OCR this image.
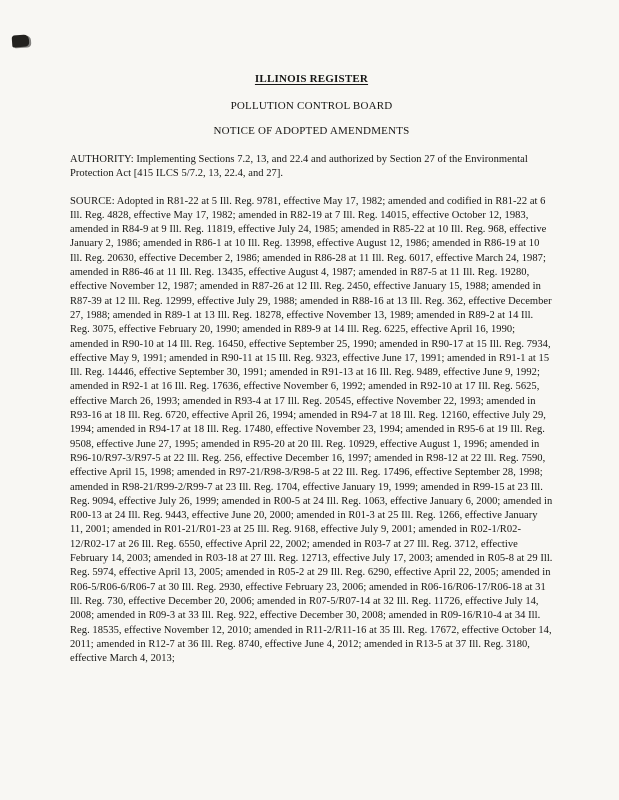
ILLINOIS REGISTER
POLLUTION CONTROL BOARD
NOTICE OF ADOPTED AMENDMENTS

AUTHORITY: Implementing Sections 7.2, 13, and 22.4 and authorized by Section 27 of the Environmental Protection Act [415 ILCS 5/7.2, 13, 22.4, and 27].

SOURCE: Adopted in R81-22 at 5 Ill. Reg. 9781, effective May 17, 1982; amended and codified in R81-22 at 6 Ill. Reg. 4828, effective May 17, 1982; amended in R82-19 at 7 Ill. Reg. 14015, effective October 12, 1983, amended in R84-9 at 9 Ill. Reg. 11819, effective July 24, 1985; amended in R85-22 at 10 Ill. Reg. 968, effective January 2, 1986; amended in R86-1 at 10 Ill. Reg. 13998, effective August 12, 1986; amended in R86-19 at 10 Ill. Reg. 20630, effective December 2, 1986; amended in R86-28 at 11 Ill. Reg. 6017, effective March 24, 1987; amended in R86-46 at 11 Ill. Reg. 13435, effective August 4, 1987; amended in R87-5 at 11 Ill. Reg. 19280, effective November 12, 1987; amended in R87-26 at 12 Ill. Reg. 2450, effective January 15, 1988; amended in R87-39 at 12 Ill. Reg. 12999, effective July 29, 1988; amended in R88-16 at 13 Ill. Reg. 362, effective December 27, 1988; amended in R89-1 at 13 Ill. Reg. 18278, effective November 13, 1989; amended in R89-2 at 14 Ill. Reg. 3075, effective February 20, 1990; amended in R89-9 at 14 Ill. Reg. 6225, effective April 16, 1990; amended in R90-10 at 14 Ill. Reg. 16450, effective September 25, 1990; amended in R90-17 at 15 Ill. Reg. 7934, effective May 9, 1991; amended in R90-11 at 15 Ill. Reg. 9323, effective June 17, 1991; amended in R91-1 at 15 Ill. Reg. 14446, effective September 30, 1991; amended in R91-13 at 16 Ill. Reg. 9489, effective June 9, 1992; amended in R92-1 at 16 Ill. Reg. 17636, effective November 6, 1992; amended in R92-10 at 17 Ill. Reg. 5625, effective March 26, 1993; amended in R93-4 at 17 Ill. Reg. 20545, effective November 22, 1993; amended in R93-16 at 18 Ill. Reg. 6720, effective April 26, 1994; amended in R94-7 at 18 Ill. Reg. 12160, effective July 29, 1994; amended in R94-17 at 18 Ill. Reg. 17480, effective November 23, 1994; amended in R95-6 at 19 Ill. Reg. 9508, effective June 27, 1995; amended in R95-20 at 20 Ill. Reg. 10929, effective August 1, 1996; amended in R96-10/R97-3/R97-5 at 22 Ill. Reg. 256, effective December 16, 1997; amended in R98-12 at 22 Ill. Reg. 7590, effective April 15, 1998; amended in R97-21/R98-3/R98-5 at 22 Ill. Reg. 17496, effective September 28, 1998; amended in R98-21/R99-2/R99-7 at 23 Ill. Reg. 1704, effective January 19, 1999; amended in R99-15 at 23 Ill. Reg. 9094, effective July 26, 1999; amended in R00-5 at 24 Ill. Reg. 1063, effective January 6, 2000; amended in R00-13 at 24 Ill. Reg. 9443, effective June 20, 2000; amended in R01-3 at 25 Ill. Reg. 1266, effective January 11, 2001; amended in R01-21/R01-23 at 25 Ill. Reg. 9168, effective July 9, 2001; amended in R02-1/R02-12/R02-17 at 26 Ill. Reg. 6550, effective April 22, 2002; amended in R03-7 at 27 Ill. Reg. 3712, effective February 14, 2003; amended in R03-18 at 27 Ill. Reg. 12713, effective July 17, 2003; amended in R05-8 at 29 Ill. Reg. 5974, effective April 13, 2005; amended in R05-2 at 29 Ill. Reg. 6290, effective April 22, 2005; amended in R06-5/R06-6/R06-7 at 30 Ill. Reg. 2930, effective February 23, 2006; amended in R06-16/R06-17/R06-18 at 31 Ill. Reg. 730, effective December 20, 2006; amended in R07-5/R07-14 at 32 Ill. Reg. 11726, effective July 14, 2008; amended in R09-3 at 33 Ill. Reg. 922, effective December 30, 2008; amended in R09-16/R10-4 at 34 Ill. Reg. 18535, effective November 12, 2010; amended in R11-2/R11-16 at 35 Ill. Reg. 17672, effective October 14, 2011; amended in R12-7 at 36 Ill. Reg. 8740, effective June 4, 2012; amended in R13-5 at 37 Ill. Reg. 3180, effective March 4, 2013;
